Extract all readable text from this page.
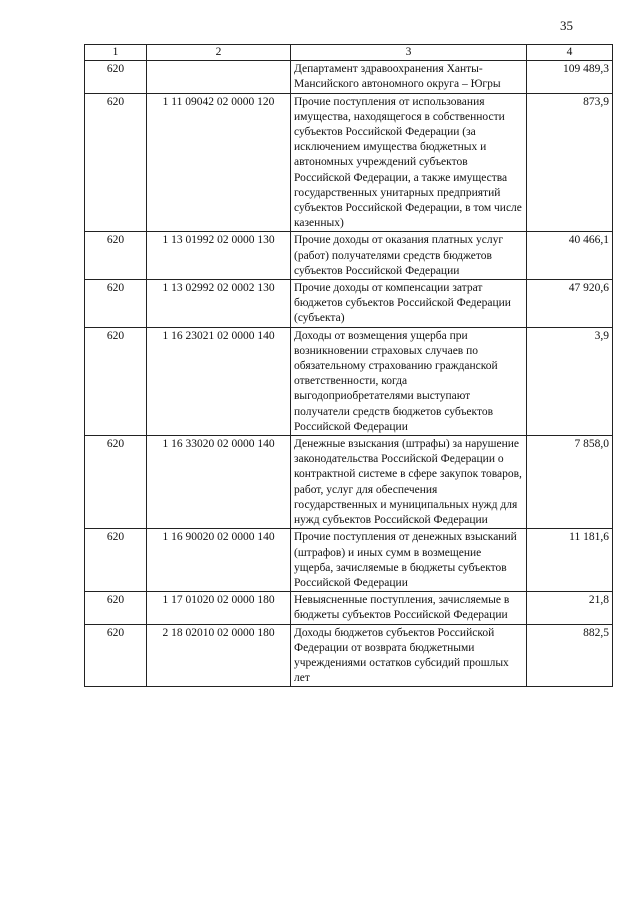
35
1	2	3	4
620		Департамент здравоохранения Ханты-Мансийского автономного округа – Югры	109 489,3
620	1 11 09042 02 0000 120	Прочие поступления от использования имущества, находящегося в собственности субъектов Российской Федерации (за исключением имущества бюджетных и автономных учреждений субъектов Российской Федерации, а также имущества государственных унитарных предприятий субъектов Российской Федерации, в том числе казенных)	873,9
620	1 13 01992 02 0000 130	Прочие доходы от оказания платных услуг (работ) получателями средств бюджетов субъектов Российской Федерации	40 466,1
620	1 13 02992 02 0002 130	Прочие доходы от компенсации затрат бюджетов субъектов Российской Федерации (субъекта)	47 920,6
620	1 16 23021 02 0000 140	Доходы от возмещения ущерба при возникновении страховых случаев по обязательному страхованию гражданской ответственности, когда выгодоприобретателями выступают получатели средств бюджетов субъектов Российской Федерации	3,9
620	1 16 33020 02 0000 140	Денежные взыскания (штрафы) за нарушение законодательства Российской Федерации о контрактной системе в сфере закупок товаров, работ, услуг для обеспечения государственных и муниципальных нужд для нужд субъектов Российской Федерации	7 858,0
620	1 16 90020 02 0000 140	Прочие поступления от денежных взысканий (штрафов) и иных сумм в возмещение ущерба, зачисляемые в бюджеты субъектов Российской Федерации	11 181,6
620	1 17 01020 02 0000 180	Невыясненные поступления, зачисляемые в бюджеты субъектов Российской Федерации	21,8
620	2 18 02010 02 0000 180	Доходы бюджетов субъектов Российской Федерации от возврата бюджетными учреждениями остатков субсидий прошлых лет	882,5
